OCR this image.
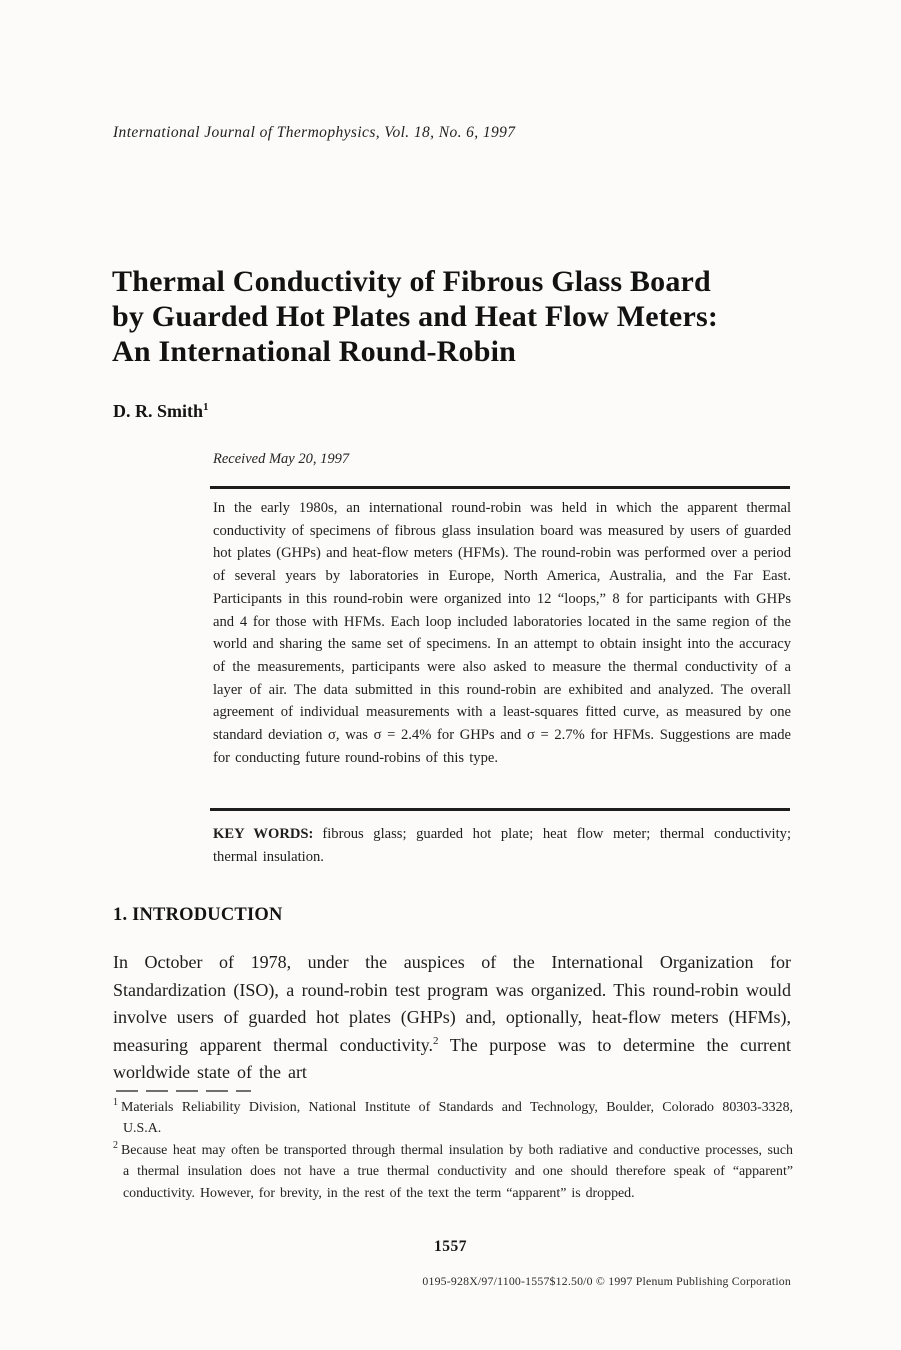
International Journal of Thermophysics, Vol. 18, No. 6, 1997
Thermal Conductivity of Fibrous Glass Board
by Guarded Hot Plates and Heat Flow Meters:
An International Round-Robin
D. R. Smith$^1$
Received May 20, 1997

In the early 1980s, an international round-robin was held in which the apparent thermal conductivity of specimens of fibrous glass insulation board was measured by users of guarded hot plates (GHPs) and heat-flow meters (HFMs). The round-robin was performed over a period of several years by laboratories in Europe, North America, Australia, and the Far East. Participants in this round-robin were organized into 12 “loops,” 8 for participants with GHPs and 4 for those with HFMs. Each loop included laboratories located in the same region of the world and sharing the same set of specimens. In an attempt to obtain insight into the accuracy of the measurements, participants were also asked to measure the thermal conductivity of a layer of air. The data submitted in this round-robin are exhibited and analyzed. The overall agreement of individual measurements with a least-squares fitted curve, as measured by one standard deviation σ, was σ = 2.4% for GHPs and σ = 2.7% for HFMs. Suggestions are made for conducting future round-robins of this type.

KEY WORDS: fibrous glass; guarded hot plate; heat flow meter; thermal conductivity; thermal insulation.

1. INTRODUCTION

In October of 1978, under the auspices of the International Organization for Standardization (ISO), a round-robin test program was organized. This round-robin would involve users of guarded hot plates (GHPs) and, optionally, heat-flow meters (HFMs), measuring apparent thermal conductivity.$^2$ The purpose was to determine the current worldwide state of the art

$^1$ Materials Reliability Division, National Institute of Standards and Technology, Boulder, Colorado 80303-3328, U.S.A.

$^2$ Because heat may often be transported through thermal insulation by both radiative and conductive processes, such a thermal insulation does not have a true thermal conductivity and one should therefore speak of “apparent” conductivity. However, for brevity, in the rest of the text the term “apparent” is dropped.

1557
0195-928X/97/1100-1557$12.50/0 © 1997 Plenum Publishing Corporation
